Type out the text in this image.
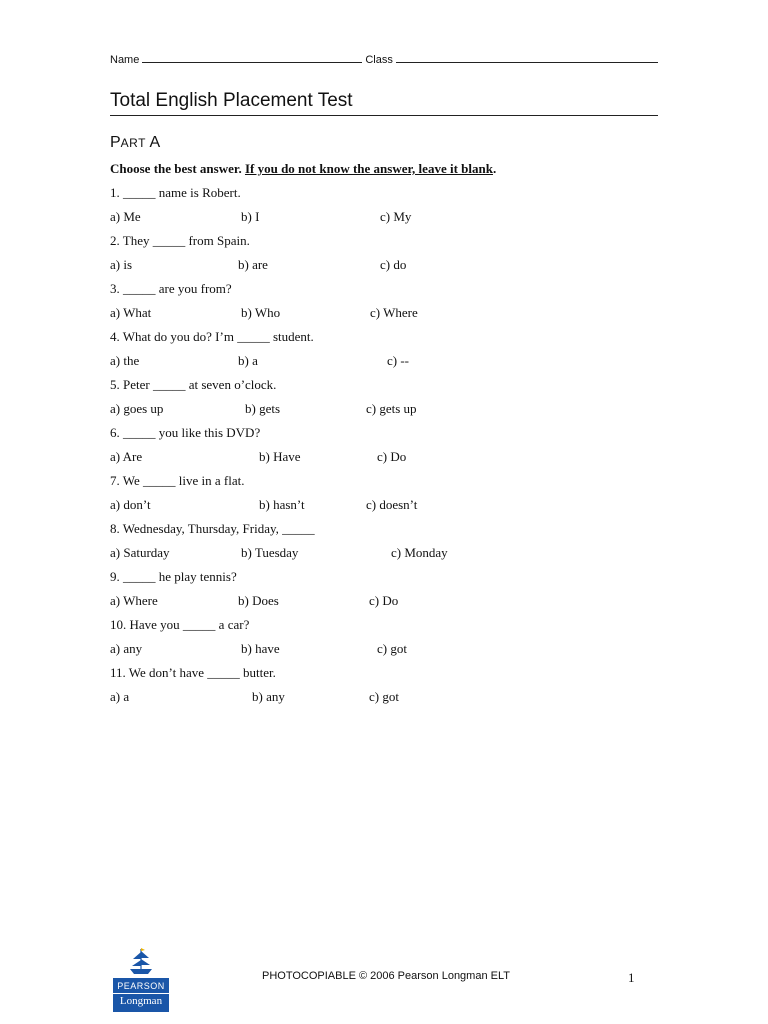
Name	Class
Total English Placement Test
PART A
Choose the best answer. If you do not know the answer, leave it blank.
1. _____ name is Robert.
a) Me	b) I	c) My
2. They _____ from Spain.
a) is	b) are	c) do
3. _____ are you from?
a) What	b) Who	c) Where
4. What do you do? I’m _____ student.
a) the	b) a	c) --
5. Peter _____ at seven o’clock.
a) goes up	b) gets	c) gets up
6. _____ you like this DVD?
a) Are	b) Have	c) Do
7. We _____ live in a flat.
a) don’t	b) hasn’t	c) doesn’t
8. Wednesday, Thursday, Friday, _____
a) Saturday	b) Tuesday	c) Monday
9. _____ he play tennis?
a) Where	b) Does	c) Do
10. Have you _____ a car?
a) any	b) have	c) got
11. We don’t have _____ butter.
a) a	b) any	c) got
PEARSON
Longman
PHOTOCOPIABLE © 2006 Pearson Longman ELT	1
